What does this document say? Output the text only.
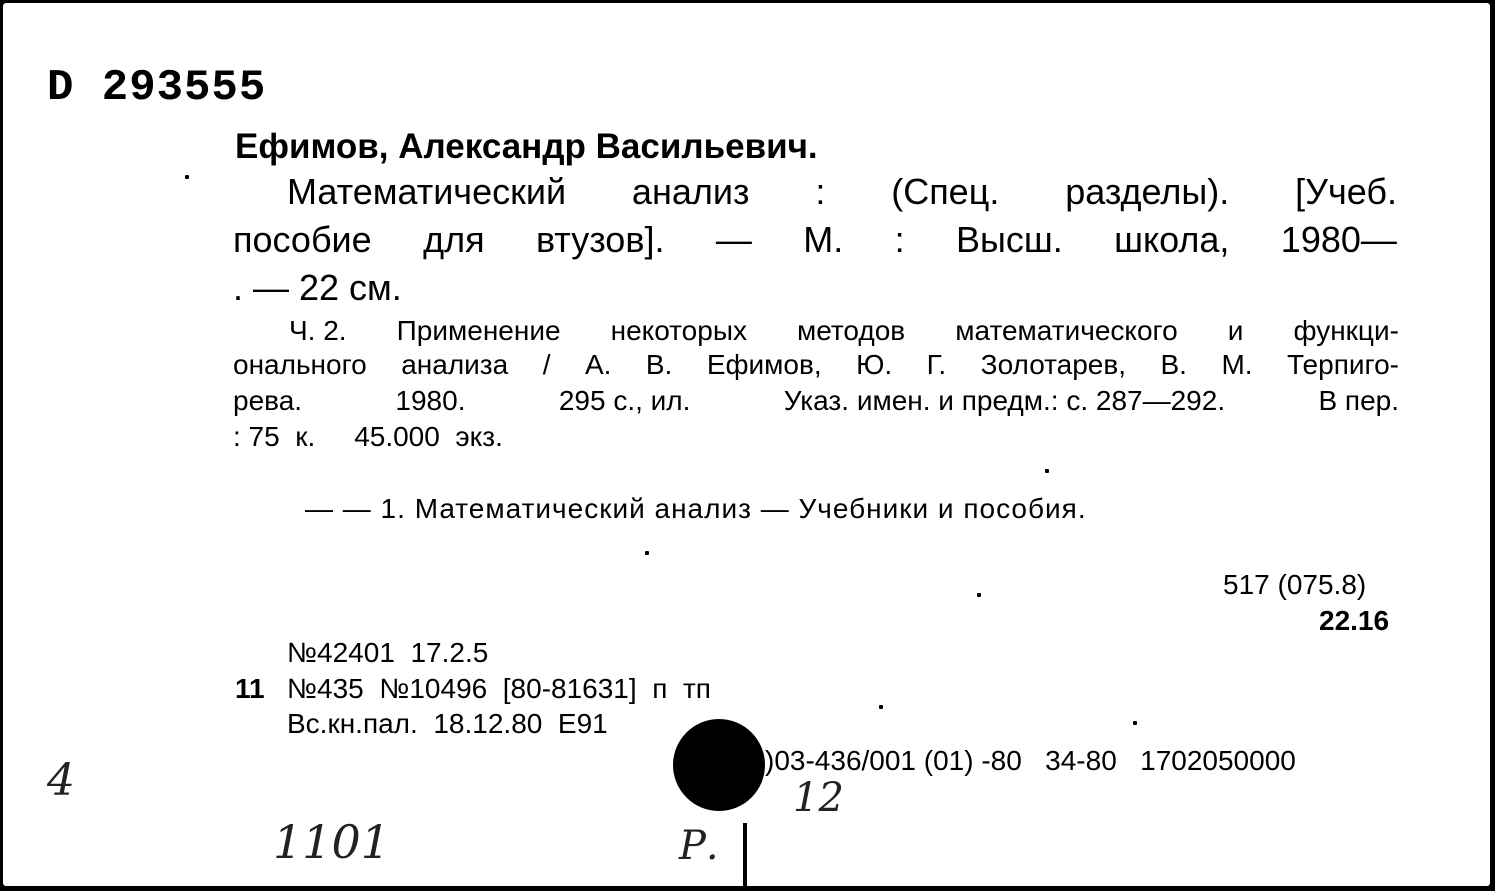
D 293555
Ефимов, Александр Васильевич.
Математический анализ : (Спец. разделы). [Учеб.
пособие для втузов]. — М. : Высш. школа, 1980—
. — 22 см.
Ч. 2. Применение некоторых методов математического и функци-
онального анализа / А. В. Ефимов, Ю. Г. Золотарев, В. М. Терпиго-
рева.	1980.	295 с., ил.	Указ. имен. и предм.: с. 287—292.	В пер.
: 75  к.     45.000  экз.
— — 1. Математический анализ — Учебники и пособия.
517 (075.8)
22.16
№42401  17.2.5
11 №435  №10496  [80-81631]  п  тп
Вс.кн.пал.  18.12.80  Е91
)03-436/001 (01) -80   34-80   1702050000
4
1101
12
Р.
